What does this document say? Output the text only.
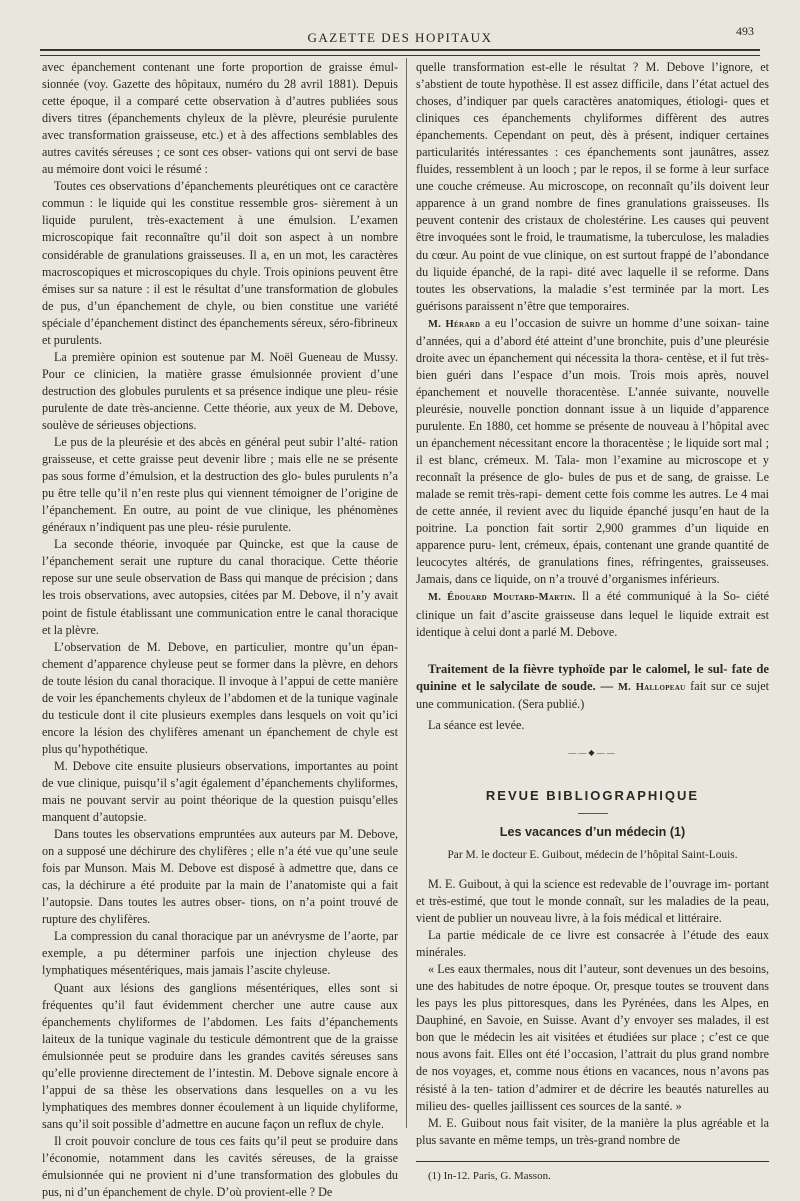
493
GAZETTE DES HOPITAUX

avec épanchement contenant une forte proportion de graisse émul- sionnée (voy. Gazette des hôpitaux, numéro du 28 avril 1881). Depuis cette époque, il a comparé cette observation à d’autres publiées sous divers titres (épanchements chyleux de la plèvre, pleurésie purulente avec transformation graisseuse, etc.) et à des affections semblables des autres cavités séreuses ; ce sont ces obser- vations qui ont servi de base au mémoire dont voici le résumé :

Toutes ces observations d’épanchements pleurétiques ont ce caractère commun : le liquide qui les constitue ressemble gros- sièrement à un liquide purulent, très-exactement à une émulsion. L’examen microscopique fait reconnaître qu’il doit son aspect à un nombre considérable de granulations graisseuses. Il a, en un mot, les caractères macroscopiques et microscopiques du chyle. Trois opinions peuvent être émises sur sa nature : il est le résultat d’une transformation de globules de pus, d’un épanchement de chyle, ou bien constitue une variété spéciale d’épanchement distinct des épanchements séreux, séro-fibrineux et purulents.

La première opinion est soutenue par M. Noël Gueneau de Mussy. Pour ce clinicien, la matière grasse émulsionnée provient d’une destruction des globules purulents et sa présence indique une pleu- résie purulente de date très-ancienne. Cette théorie, aux yeux de M. Debove, soulève de sérieuses objections.

Le pus de la pleurésie et des abcès en général peut subir l’alté- ration graisseuse, et cette graisse peut devenir libre ; mais elle ne se présente pas sous forme d’émulsion, et la destruction des glo- bules purulents n’a pu être telle qu’il n’en reste plus qui viennent témoigner de l’origine de l’épanchement. En outre, au point de vue clinique, les phénomènes généraux n’indiquent pas une pleu- résie purulente.

La seconde théorie, invoquée par Quincke, est que la cause de l’épanchement serait une rupture du canal thoracique. Cette théorie repose sur une seule observation de Bass qui manque de précision ; dans les trois observations, avec autopsies, citées par M. Debove, il n’y avait point de fistule établissant une communication entre le canal thoracique et la plèvre.

L’observation de M. Debove, en particulier, montre qu’un épan- chement d’apparence chyleuse peut se former dans la plèvre, en dehors de toute lésion du canal thoracique. Il invoque à l’appui de cette manière de voir les épanchements chyleux de l’abdomen et de la tunique vaginale du testicule dont il cite plusieurs exemples dans lesquels on voit qu’ici encore la lésion des chylifères amenant un épanchement de chyle est plus qu’hypothétique.

M. Debove cite ensuite plusieurs observations, importantes au point de vue clinique, puisqu’il s’agit également d’épanchements chyliformes, mais ne pouvant servir au point théorique de la question puisqu’elles manquent d’autopsie.

Dans toutes les observations empruntées aux auteurs par M. Debove, on a supposé une déchirure des chylifères ; elle n’a été vue qu’une seule fois par Munson. Mais M. Debove est disposé à admettre que, dans ce cas, la déchirure a été produite par la main de l’anatomiste qui a fait l’autopsie. Dans toutes les autres obser- tions, on n’a point trouvé de rupture des chylifères.

La compression du canal thoracique par un anévrysme de l’aorte, par exemple, a pu déterminer parfois une injection chyleuse des lymphatiques mésentériques, mais jamais l’ascite chyleuse.

Quant aux lésions des ganglions mésentériques, elles sont si fréquentes qu’il faut évidemment chercher une autre cause aux épanchements chyliformes de l’abdomen. Les faits d’épanchements laiteux de la tunique vaginale du testicule démontrent que de la graisse émulsionnée peut se produire dans les grandes cavités séreuses sans qu’elle provienne directement de l’intestin. M. Debove signale encore à l’appui de sa thèse les observations dans lesquelles on a vu les lymphatiques des membres donner écoulement à un liquide chyliforme, sans qu’il soit possible d’admettre en aucune façon un reflux de chyle.

Il croit pouvoir conclure de tous ces faits qu’il peut se produire dans l’économie, notamment dans les cavités séreuses, de la graisse émulsionnée qui ne provient ni d’une transformation des globules du pus, ni d’un épanchement de chyle. D’où provient-elle ? De

quelle transformation est-elle le résultat ? M. Debove l’ignore, et s’abstient de toute hypothèse. Il est assez difficile, dans l’état actuel des choses, d’indiquer par quels caractères anatomiques, étiologi- ques et cliniques ces épanchements chyliformes diffèrent des autres épanchements. Cependant on peut, dès à présent, indiquer certaines particularités intéressantes : ces épanchements sont jaunâtres, assez fluides, ressemblent à un looch ; par le repos, il se forme à leur surface une couche crémeuse. Au microscope, on reconnaît qu’ils doivent leur apparence à un grand nombre de fines granulations graisseuses. Ils peuvent contenir des cristaux de cholestérine. Les causes qui peuvent être invoquées sont le froid, le traumatisme, la tuberculose, les maladies du cœur. Au point de vue clinique, on est surtout frappé de l’abondance du liquide épanché, de la rapi- dité avec laquelle il se reforme. Dans toutes les observations, la maladie s’est terminée par la mort. Les guérisons paraissent n’être que temporaires.

M. Hérard a eu l’occasion de suivre un homme d’une soixan- taine d’années, qui a d’abord été atteint d’une bronchite, puis d’une pleurésie droite avec un épanchement qui nécessita la thora- centèse, et il fut très-bien guéri dans l’espace d’un mois. Trois mois après, nouvel épanchement et nouvelle thoracentèse. L’année suivante, nouvelle pleurésie, nouvelle ponction donnant issue à un liquide d’apparence purulente. En 1880, cet homme se présente de nouveau à l’hôpital avec un épanchement nécessitant encore la thoracentèse ; le liquide sort mal ; il est blanc, crémeux. M. Tala- mon l’examine au microscope et y reconnaît la présence de glo- bules de pus et de sang, de graisse. Le malade se remit très-rapi- dement cette fois comme les autres. Le 4 mai de cette année, il revient avec du liquide épanché jusqu’en haut de la poitrine. La ponction fait sortir 2,900 grammes d’un liquide en apparence puru- lent, crémeux, épais, contenant une grande quantité de leucocytes altérés, de granulations fines, réfringentes, graisseuses. Jamais, dans ce liquide, on n’a trouvé d’organismes inférieurs.

M. Édouard Moutard-Martin. Il a été communiqué à la So- ciété clinique un fait d’ascite graisseuse dans lequel le liquide extrait est identique à celui dont a parlé M. Debove.

Traitement de la fièvre typhoïde par le calomel, le sul- fate de quinine et le salycilate de soude. — M. Hallopeau fait sur ce sujet une communication. (Sera publié.)

La séance est levée.

——◆——

REVUE BIBLIOGRAPHIQUE

Les vacances d’un médecin (1)

Par M. le docteur E. Guibout, médecin de l’hôpital Saint-Louis.

M. E. Guibout, à qui la science est redevable de l’ouvrage im- portant et très-estimé, que tout le monde connaît, sur les maladies de la peau, vient de publier un nouveau livre, à la fois médical et littéraire.

La partie médicale de ce livre est consacrée à l’étude des eaux minérales.

« Les eaux thermales, nous dit l’auteur, sont devenues un des besoins, une des habitudes de notre époque. Or, presque toutes se trouvent dans les pays les plus pittoresques, dans les Pyrénées, dans les Alpes, en Dauphiné, en Savoie, en Suisse. Avant d’y envoyer ses malades, il est bon que le médecin les ait visitées et étudiées sur place ; c’est ce que nous avons fait. Elles ont été l’occasion, l’attrait du plus grand nombre de nos voyages, et, comme nous étions en vacances, nous n’avons pas résisté à la ten- tation d’admirer et de décrire les beautés naturelles au milieu des- quelles jaillissent ces sources de la santé. »

M. E. Guibout nous fait visiter, de la manière la plus agréable et la plus savante en même temps, un très-grand nombre de

(1) In-12. Paris, G. Masson.
